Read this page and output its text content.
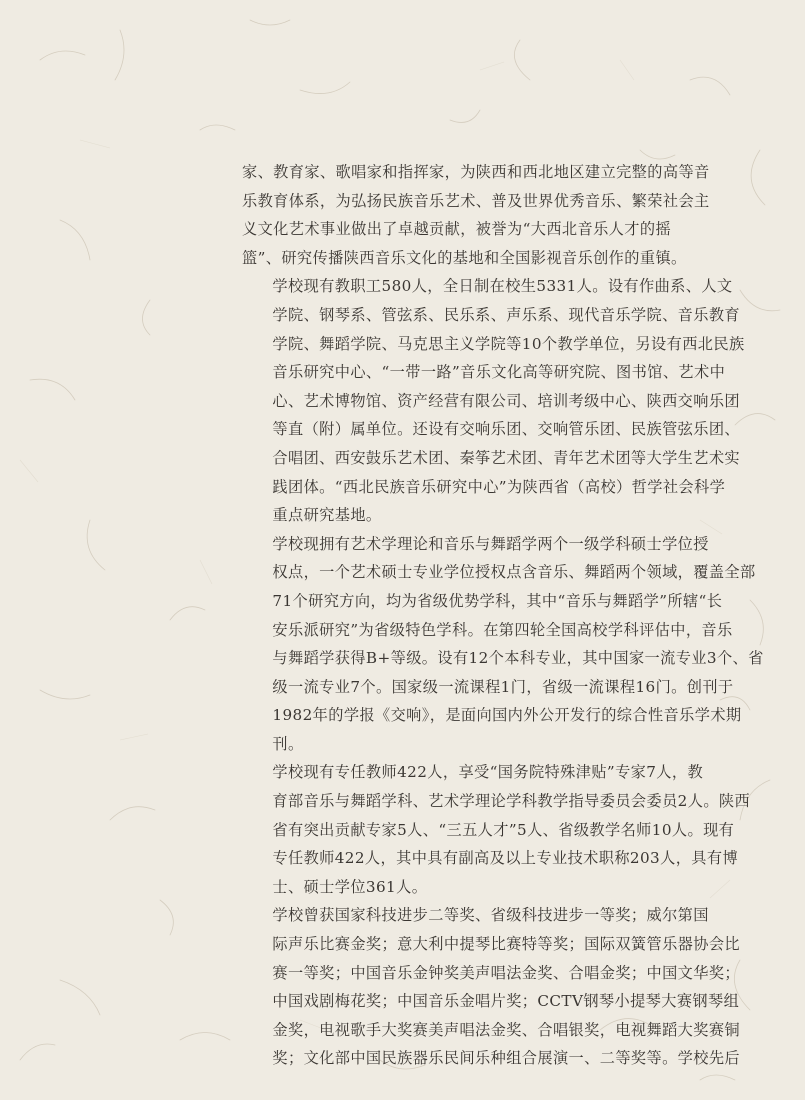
家、教育家、歌唱家和指挥家，为陕西和西北地区建立完整的高等音
乐教育体系，为弘扬民族音乐艺术、普及世界优秀音乐、繁荣社会主
义文化艺术事业做出了卓越贡献，被誉为“大西北音乐人才的摇
篮”、研究传播陕西音乐文化的基地和全国影视音乐创作的重镇。

学校现有教职工580人，全日制在校生5331人。设有作曲系、人文
学院、钢琴系、管弦系、民乐系、声乐系、现代音乐学院、音乐教育
学院、舞蹈学院、马克思主义学院等10个教学单位，另设有西北民族
音乐研究中心、“一带一路”音乐文化高等研究院、图书馆、艺术中
心、艺术博物馆、资产经营有限公司、培训考级中心、陕西交响乐团
等直（附）属单位。还设有交响乐团、交响管乐团、民族管弦乐团、
合唱团、西安鼓乐艺术团、秦筝艺术团、青年艺术团等大学生艺术实
践团体。“西北民族音乐研究中心”为陕西省（高校）哲学社会科学
重点研究基地。

学校现拥有艺术学理论和音乐与舞蹈学两个一级学科硕士学位授
权点，一个艺术硕士专业学位授权点含音乐、舞蹈两个领域，覆盖全部
71个研究方向，均为省级优势学科，其中“音乐与舞蹈学”所辖“长
安乐派研究”为省级特色学科。在第四轮全国高校学科评估中，音乐
与舞蹈学获得B+等级。设有12个本科专业，其中国家一流专业3个、省
级一流专业7个。国家级一流课程1门，省级一流课程16门。创刊于
1982年的学报《交响》，是面向国内外公开发行的综合性音乐学术期
刊。

学校现有专任教师422人，享受“国务院特殊津贴”专家7人，教
育部音乐与舞蹈学科、艺术学理论学科教学指导委员会委员2人。陕西
省有突出贡献专家5人、“三五人才”5人、省级教学名师10人。现有
专任教师422人，其中具有副高及以上专业技术职称203人，具有博
士、硕士学位361人。

学校曾获国家科技进步二等奖、省级科技进步一等奖；威尔第国
际声乐比赛金奖；意大利中提琴比赛特等奖；国际双簧管乐器协会比
赛一等奖；中国音乐金钟奖美声唱法金奖、合唱金奖；中国文华奖；
中国戏剧梅花奖；中国音乐金唱片奖；CCTV钢琴小提琴大赛钢琴组
金奖，电视歌手大奖赛美声唱法金奖、合唱银奖，电视舞蹈大奖赛铜
奖；文化部中国民族器乐民间乐种组合展演一、二等奖等。学校先后
